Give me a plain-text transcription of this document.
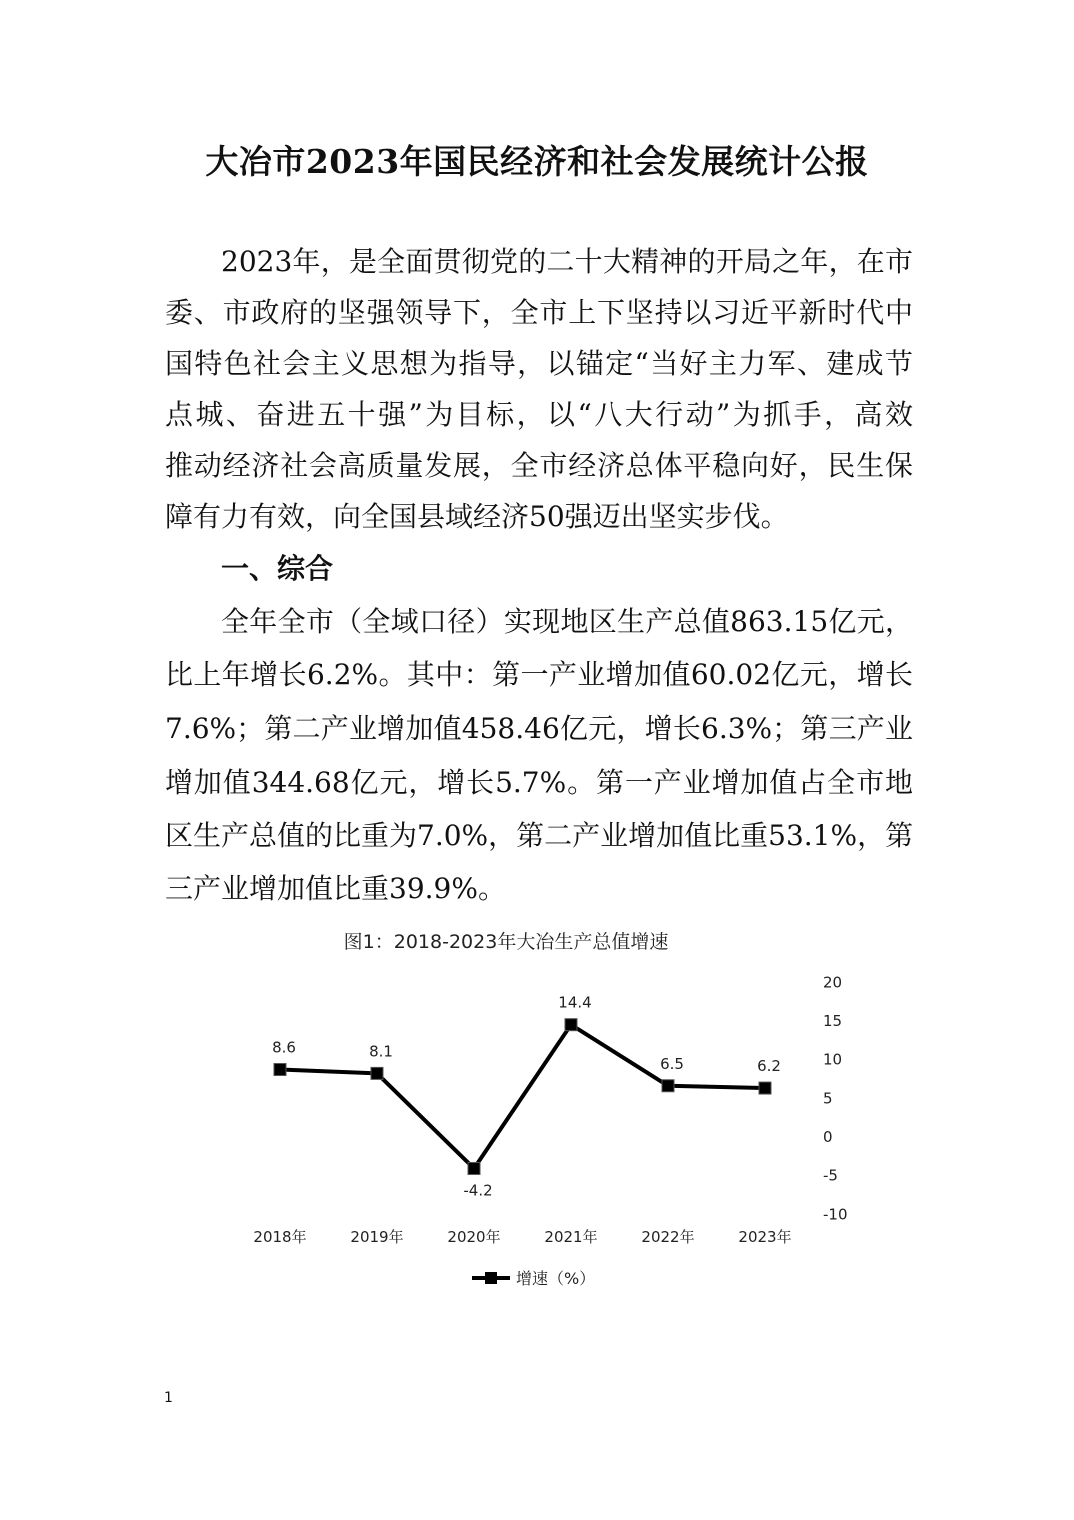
大冶市2023年国民经济和社会发展统计公报
2023年，是全面贯彻党的二十大精神的开局之年，在市
委、市政府的坚强领导下，全市上下坚持以习近平新时代中
国特色社会主义思想为指导，以锚定“当好主力军、建成节
点城、奋进五十强”为目标，以“八大行动”为抓手，高效
推动经济社会高质量发展，全市经济总体平稳向好，民生保
障有力有效，向全国县域经济50强迈出坚实步伐。
一、综合
全年全市（全域口径）实现地区生产总值863.15亿元，
比上年增长6.2%。其中：第一产业增加值60.02亿元，增长
7.6%；第二产业增加值458.46亿元，增长6.3%；第三产业
增加值344.68亿元，增长5.7%。第一产业增加值占全市地
区生产总值的比重为7.0%，第二产业增加值比重53.1%，第
三产业增加值比重39.9%。
图1：2018-2023年大冶生产总值增速
20
15
10
5
0
-5
-10
2018年	2019年	2020年	2021年	2022年	2023年
8.6	8.1
-4.2
14.4
6.5	6.2
增速（%）
1
